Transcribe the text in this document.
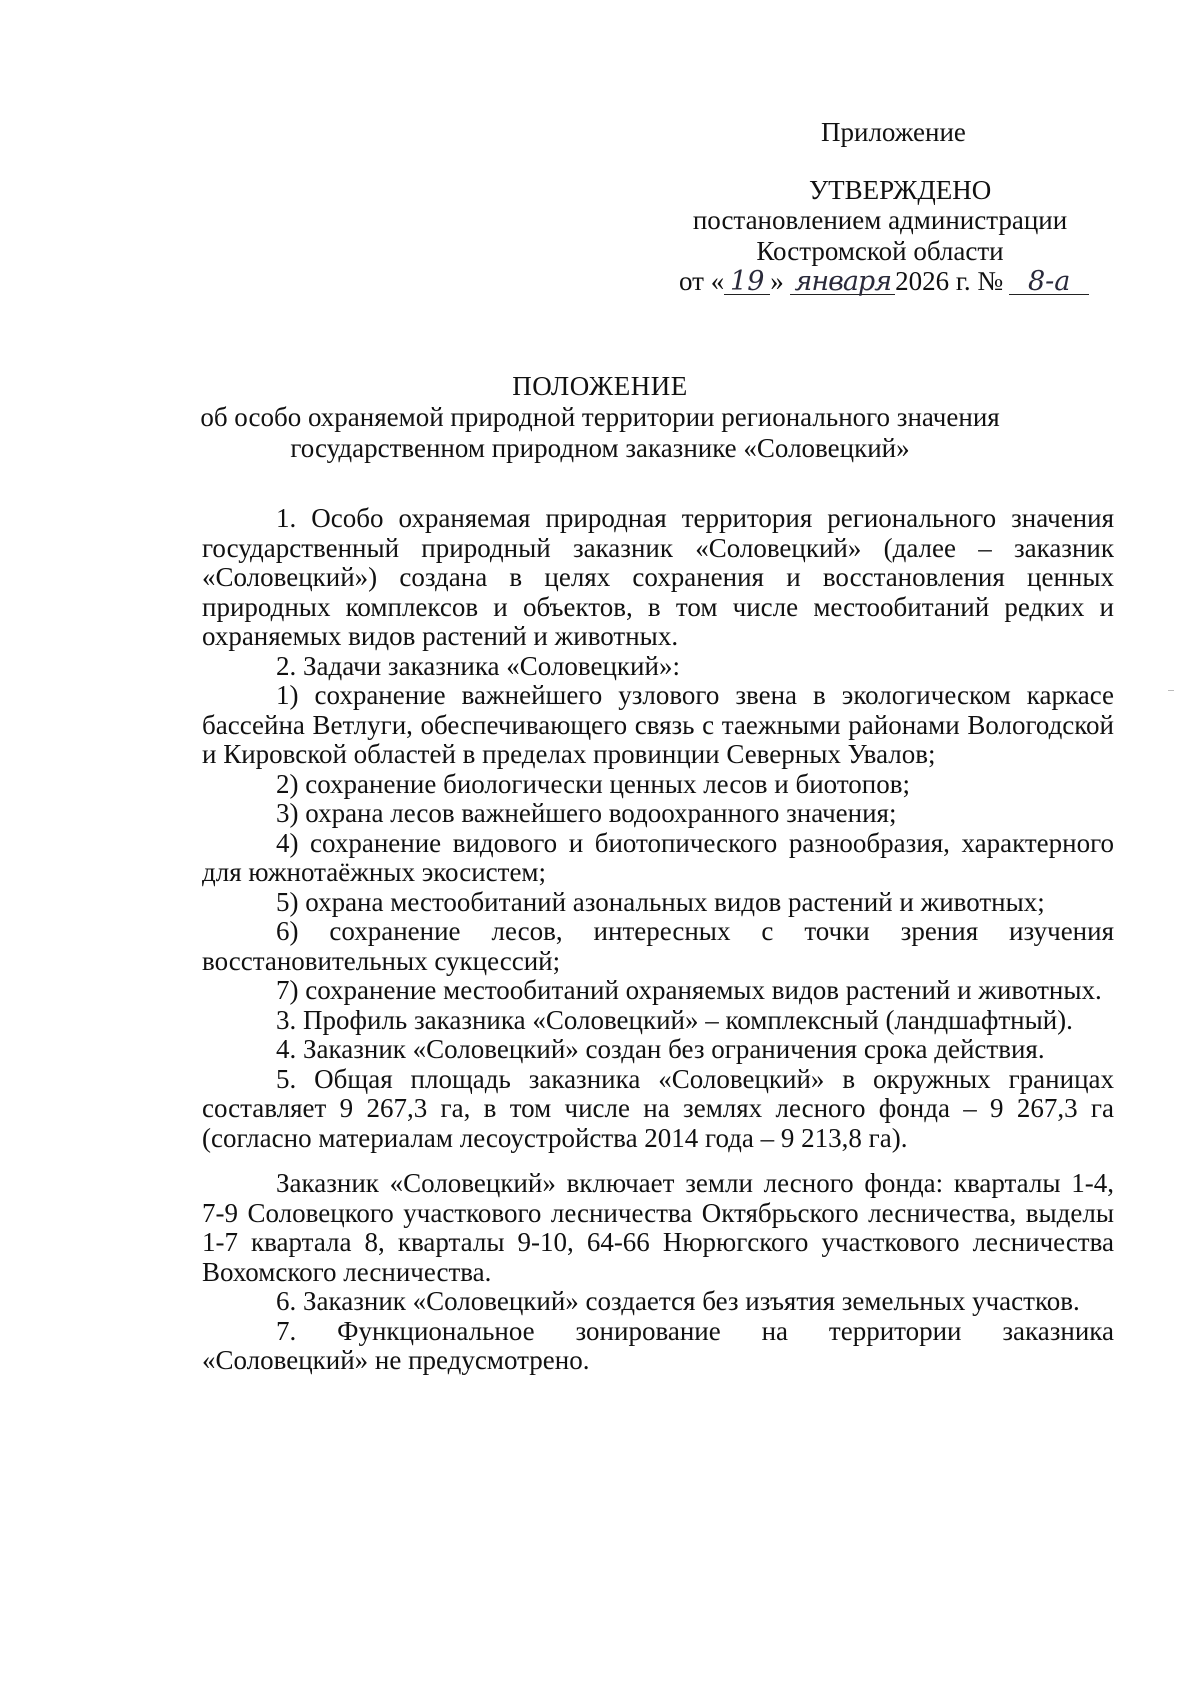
Приложение
УТВЕРЖДЕНО
постановлением администрации
Костромской области
от « 19 » января 2026 г. № 8-а
ПОЛОЖЕНИЕ
об особо охраняемой природной территории регионального значения
государственном природном заказнике «Соловецкий»

1. Особо охраняемая природная территория регионального значения государственный природный заказник «Соловецкий» (далее – заказник «Соловецкий») создана в целях сохранения и восстановления ценных природных комплексов и объектов, в том числе местообитаний редких и охраняемых видов растений и животных.

2. Задачи заказника «Соловецкий»:

1) сохранение важнейшего узлового звена в экологическом каркасе бассейна Ветлуги, обеспечивающего связь с таежными районами Вологодской и Кировской областей в пределах провинции Северных Увалов;

2) сохранение биологически ценных лесов и биотопов;

3) охрана лесов важнейшего водоохранного значения;

4) сохранение видового и биотопического разнообразия, характерного для южнотаёжных экосистем;

5) охрана местообитаний азональных видов растений и животных;

6) сохранение лесов, интересных с точки зрения изучения восстановительных сукцессий;

7) сохранение местообитаний охраняемых видов растений и животных.

3. Профиль заказника «Соловецкий» – комплексный (ландшафтный).

4. Заказник «Соловецкий» создан без ограничения срока действия.

5. Общая площадь заказника «Соловецкий» в окружных границах составляет 9 267,3 га, в том числе на землях лесного фонда – 9 267,3 га (согласно материалам лесоустройства 2014 года – 9 213,8 га).

Заказник «Соловецкий» включает земли лесного фонда: кварталы 1-4, 7-9 Соловецкого участкового лесничества Октябрьского лесничества, выделы 1-7 квартала 8, кварталы 9-10, 64-66 Нюрюгского участкового лесничества Вохомского лесничества.

6. Заказник «Соловецкий» создается без изъятия земельных участков.

7. Функциональное зонирование на территории заказника «Соловецкий» не предусмотрено.
